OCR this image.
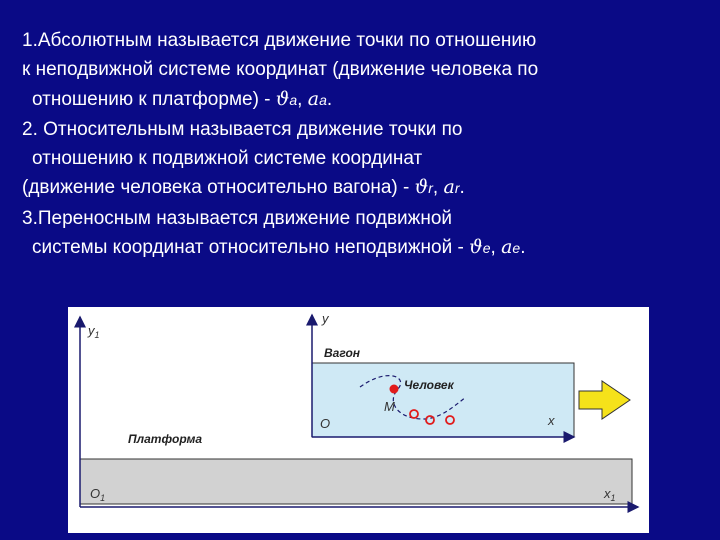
1.Абсолютным называется движение точки по отношению
к неподвижной системе координат (движение человека по
отношению к платформе) - ϑa, aa.
2. Относительным называется движение точки по
отношению к подвижной системе координат
(движение человека относительно вагона) - ϑr, ar.
3.Переносным называется движение подвижной
системы координат относительно неподвижной - ϑe, ae.
$y_1$
y
x
$x_1$
O
$O_1$
M
Вагон
Человек
Платформа
